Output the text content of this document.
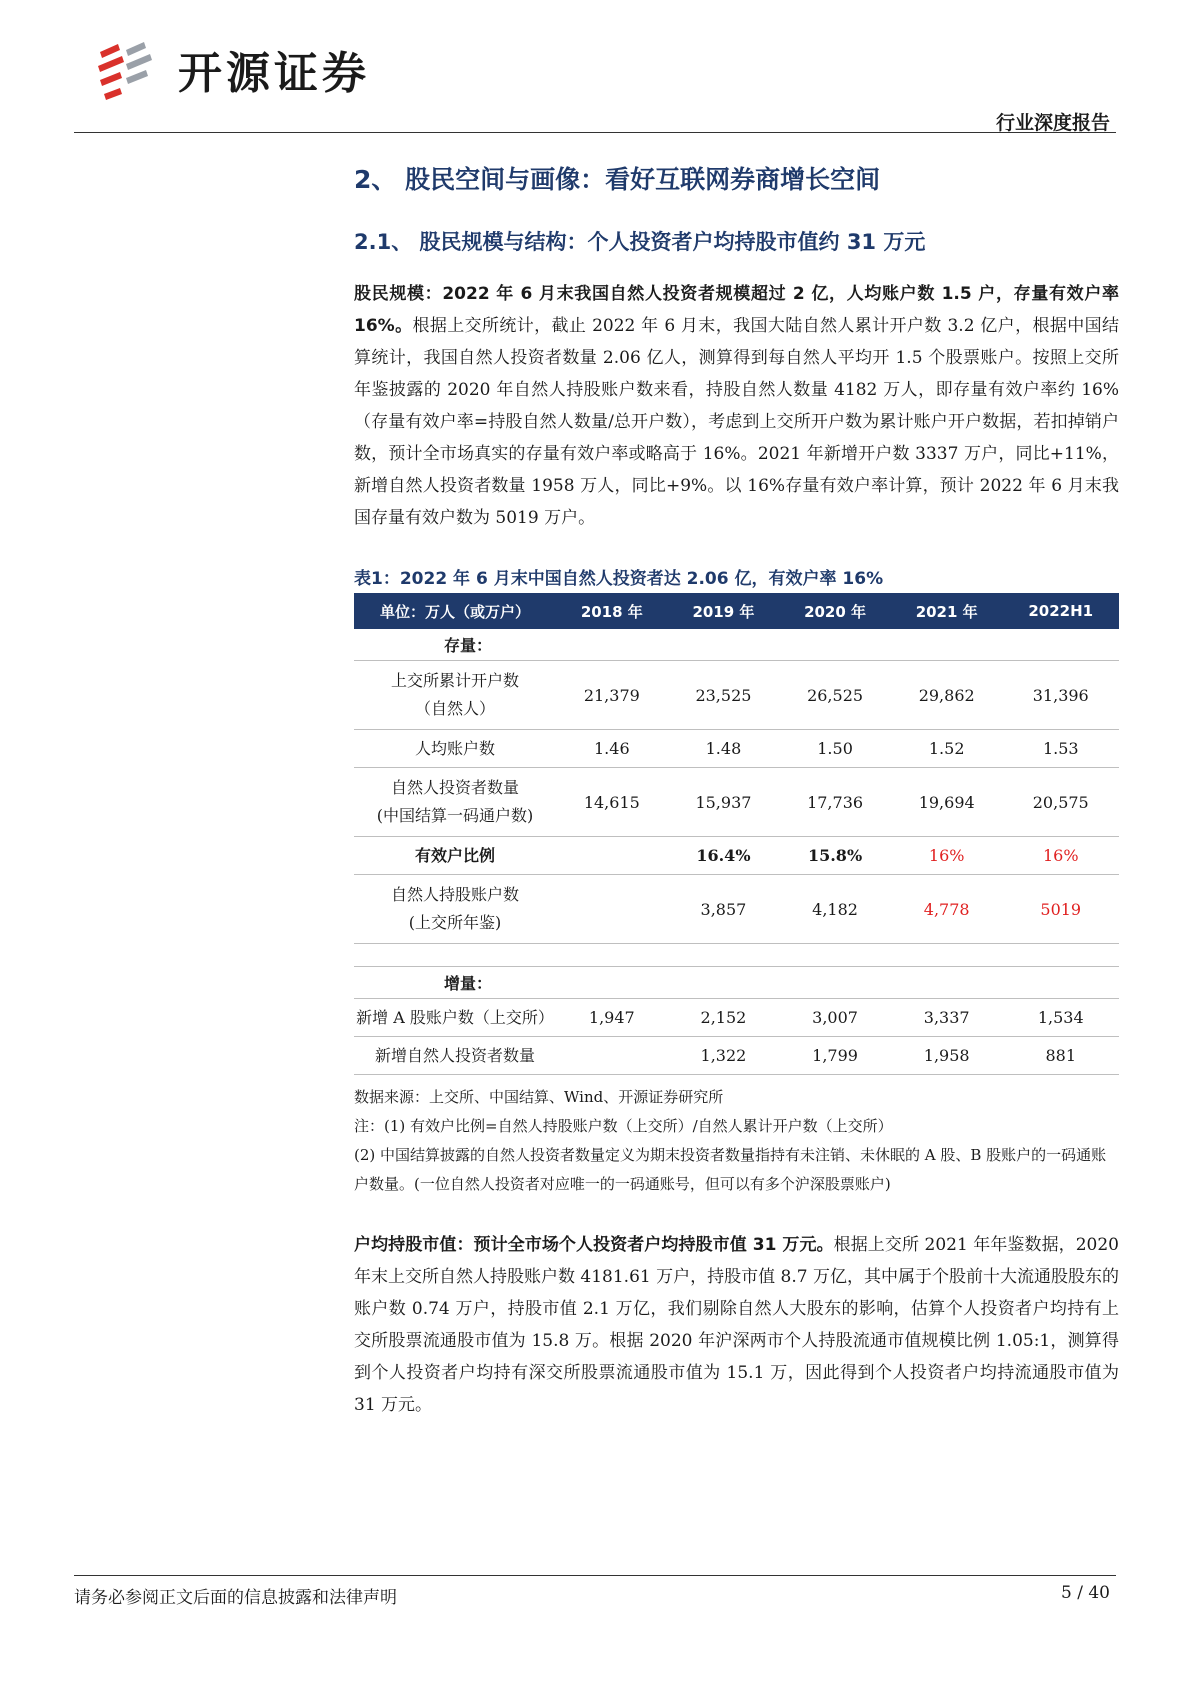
开源证券
行业深度报告
2、 股民空间与画像：看好互联网券商增长空间
2.1、 股民规模与结构：个人投资者户均持股市值约 31 万元

股民规模：2022 年 6 月末我国自然人投资者规模超过 2 亿，人均账户数 1.5 户，存量有效户率 16%。根据上交所统计，截止 2022 年 6 月末，我国大陆自然人累计开户数 3.2 亿户，根据中国结算统计，我国自然人投资者数量 2.06 亿人，测算得到每自然人平均开 1.5 个股票账户。按照上交所年鉴披露的 2020 年自然人持股账户数来看，持股自然人数量 4182 万人，即存量有效户率约 16%（存量有效户率=持股自然人数量/总开户数），考虑到上交所开户数为累计账户开户数据，若扣掉销户数，预计全市场真实的存量有效户率或略高于 16%。2021 年新增开户数 3337 万户，同比+11%，新增自然人投资者数量 1958 万人，同比+9%。以 16%存量有效户率计算，预计 2022 年 6 月末我国存量有效户数为 5019 万户。

表1：2022 年 6 月末中国自然人投资者达 2.06 亿，有效户率 16%
单位：万人（或万户）	2018 年	2019 年	2020 年	2021 年	2022H1
存量：					
上交所累计开户数
（自然人）	21,379	23,525	26,525	29,862	31,396
人均账户数	1.46	1.48	1.50	1.52	1.53
自然人投资者数量
(中国结算一码通户数)	14,615	15,937	17,736	19,694	20,575
有效户比例		16.4%	15.8%	16%	16%
自然人持股账户数
(上交所年鉴)		3,857	4,182	4,778	5019

增量：					
新增 A 股账户数（上交所）	1,947	2,152	3,007	3,337	1,534
新增自然人投资者数量		1,322	1,799	1,958	881
数据来源：上交所、中国结算、Wind、开源证券研究所
注：(1) 有效户比例=自然人持股账户数（上交所）/自然人累计开户数（上交所）
(2) 中国结算披露的自然人投资者数量定义为期末投资者数量指持有未注销、未休眠的 A 股、B 股账户的一码通账户数量。(一位自然人投资者对应唯一的一码通账号，但可以有多个沪深股票账户)

户均持股市值：预计全市场个人投资者户均持股市值 31 万元。根据上交所 2021 年年鉴数据，2020 年末上交所自然人持股账户数 4181.61 万户，持股市值 8.7 万亿，其中属于个股前十大流通股股东的账户数 0.74 万户，持股市值 2.1 万亿，我们剔除自然人大股东的影响，估算个人投资者户均持有上交所股票流通股市值为 15.8 万。根据 2020 年沪深两市个人持股流通市值规模比例 1.05:1，测算得到个人投资者户均持有深交所股票流通股市值为 15.1 万，因此得到个人投资者户均持流通股市值为 31 万元。

请务必参阅正文后面的信息披露和法律声明	5 / 40
